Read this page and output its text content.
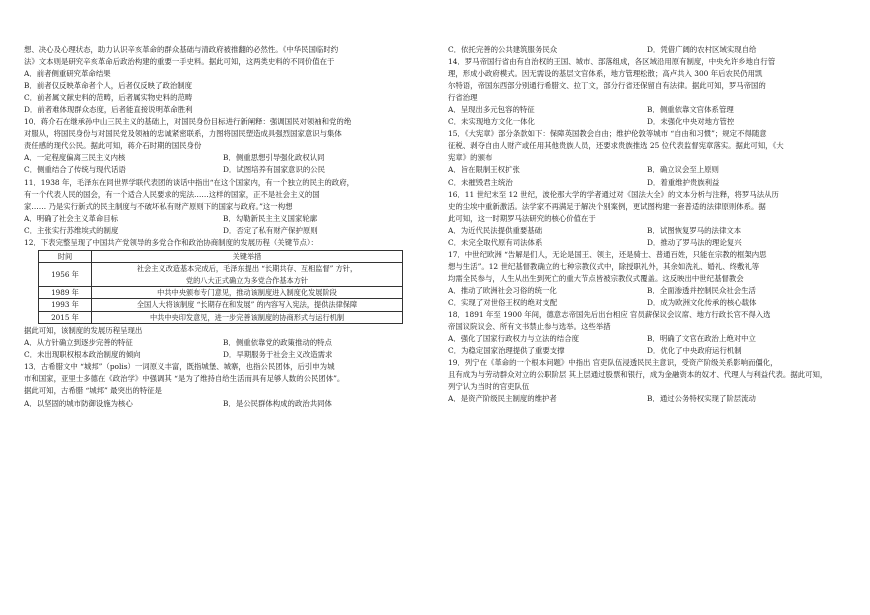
想、决心及心理状态，助力认识辛亥革命的群众基础与清政府被推翻的必然性。《中华民国临时约

法》文本则是研究辛亥革命后政治构建的重要一手史料。据此可知，这两类史料的不同价值在于

A．前者侧重研究革命结果

B．前者仅反映革命者个人，后者仅反映了政治制度

C．前者属文献史料的范畴，后者属实物史料的范畴

D．前者难体现群众态度，后者能直接说明革命胜利

10．蒋介石在继承孙中山三民主义的基础上，对国民身份目标进行新阐释：强调国民对领袖和党的绝

对服从，将国民身份与对国民党及领袖的忠诚紧密联系，力图将国民塑造成具强烈国家意识与集体

责任感的现代公民。据此可知，蒋介石时期的国民身份

A．一定程度偏离三民主义内核	B．侧重思想引导强化政权认同
C．侧重结合了传统与现代话语	D．试图培养有国家意识的公民

11．1938 年，毛泽东在同世界学联代表团的谈话中指出“在这个国家内，有一个独立的民主的政府，

有一个代表人民的国会，有一个适合人民要求的宪法……这样的国家，正不是社会主义的国

家…… 乃是实行新式的民主制度与不破坏私有财产原则下的国家与政府。”这一构想

A．明确了社会主义革命目标	B．勾勒新民主主义国家轮廓
C．主张实行苏维埃式的制度	D．否定了私有财产保护原则

12．下表完整呈现了中国共产党领导的多党合作和政治协商制度的发展历程（关键节点）：

时间	关键举措
1956 年	社会主义改造基本完成后，毛泽东提出 “长期共存、互相监督” 方针，
党的八大正式确立为多党合作基本方针

1989 年	中共中央颁布专门意见，推动该制度进入制度化发展阶段
1993 年	全国人大将该制度 “长期存在和发展” 的内容写入宪法，提供法律保障
2015 年	中共中央印发意见，进一步完善该制度的协商形式与运行机制

据此可知，该制度的发展历程呈现出

A．从方针确立到逐步完善的特征	B．侧重依靠党的政策推动的特点
C．未出现职权根本政治制度的倾向	D．早期服务于社会主义改造需求

13．古希腊文中 “城邦”（polis）一词原义丰富，既指城堡、城寨，也指公民团体，后引申为城

市和国家，亚里士多德在《政治学》中强调其 “是为了维持自给生活而具有足够人数的公民团体”。

据此可知，古希腊 “城邦” 最突出的特征是

A．以坚固的城市防御设施为核心	B．是公民群体构成的政治共同体
C．依托完善的公共建筑服务民众	D．凭借广阔的农村区域实现自给

14．罗马帝国行省由有自治权的王国、城市、部落组成，各区域沿用原有制度，中央允许乡地自行管

理，形成小政府模式。因无需设的基层文官体系，地方管理松散；高卢共入 300 年后农民仍用凯

尔特语，帝国东西部分别通行希腊文、拉丁文，部分行省还保留自有法律。据此可知，罗马帝国的

行省治理

A．呈现出多元包容的特征	B．侧重依靠文官体系管理
C．未实现地方文化一体化	D．未强化中央对地方管控

15．《大宪章》部分条款如下：保障英国教会自由；维护伦敦等城市 “自由和习惯”；规定不得随意

征税、剥夺自由人财产或任用其他贵族人员，还要求贵族推选 25 位代表监督宪章落实。据此可知，《大

宪章》的颁布

A．旨在限制王权扩张	B．确立议会至上原则
C．未摧毁君主统治	D．着重维护贵族利益

16．11 世纪末至 12 世纪，波伦那大学的学者通过对《国法大全》的文本分析与注释，将罗马法从历

史的尘埃中重新激活。法学家不再满足于解决个别案例，更试图构建一套普适的法律原则体系。据

此可知，这一时期罗马法研究的核心价值在于

A．为近代民法提供重要基础	B．试图恢复罗马的法律文本
C．未完全取代原有司法体系	D．推动了罗马法的理论复兴

17．中世纪欧洲 “告解是们人，无论是国王、领主，还是骑士、普通百姓，只能在宗教的框架内思

想与生活”。12 世纪基督教确立的七种宗教仪式中，除授职礼外，其余如洗礼、婚礼、终敷礼等

均需全民参与，人生从出生到死亡的重大节点皆被宗教仪式覆盖。这反映出中世纪基督教会

A．推动了欧洲社会习俗的统一化	B．全面渗透并控制民众社会生活
C．实现了对世俗王权的绝对支配	D．成为欧洲文化传承的核心载体

18．1891 年至 1900 年间，德意志帝国先后出台相应 官员薪保议会议席、地方行政长官不得入选

帝国议院议会、所有文书禁止参与选举。这些举措

A．强化了国家行政权力与立法的结合度	B．明确了文官在政治上绝对中立
C．为稳定国家治理提供了重要支撑	D．优化了中央政府运行机制

19．列宁在《革命的一个根本问题》中指出 官吏队伍浸透民民主意识，受资产阶级关系影响而僵化，

且有成为与劳动群众对立的公职阶层 其上层通过股票和银行，成为金融资本的奴才、代理人与利益代表。据此可知，

列宁认为当时的官吏队伍

A．是资产阶级民主制度的维护者	B．通过公务特权实现了阶层流动
